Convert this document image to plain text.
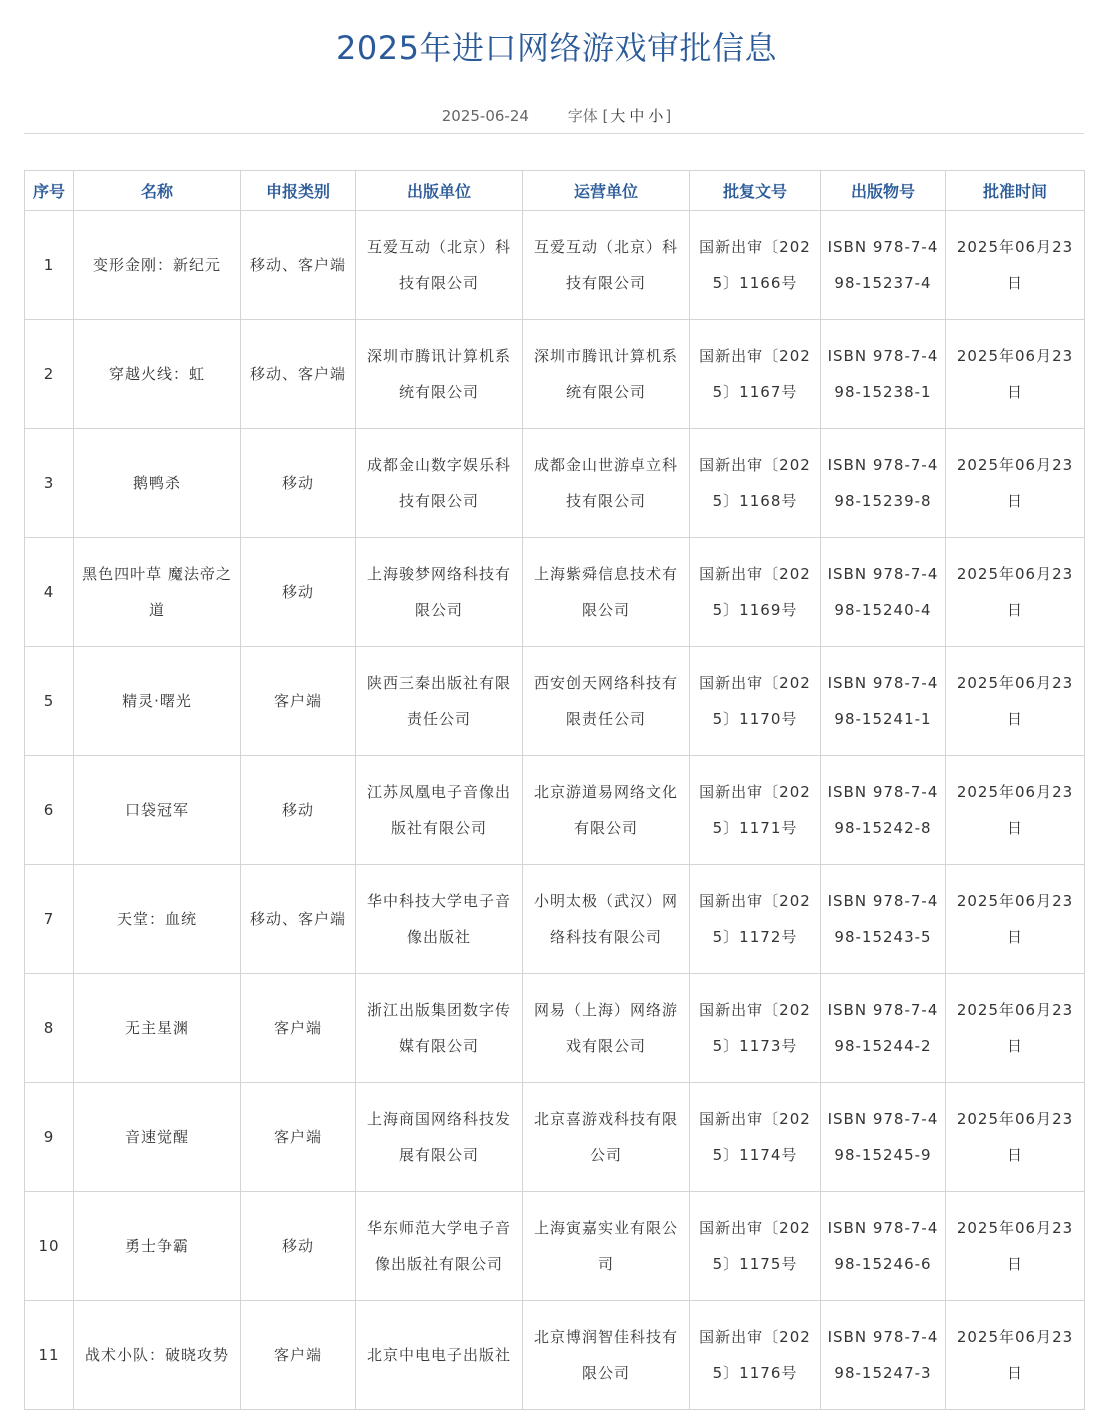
2025年进口网络游戏审批信息
2025-06-24	字体 [ 大 中 小 ]
序号	名称	申报类别	出版单位	运营单位	批复文号	出版物号	批准时间
1	变形金刚：新纪元	移动、客户端	互爱互动（北京）科技有限公司	互爱互动（北京）科技有限公司	国新出审〔2025〕1166号	ISBN 978-7-498-15237-4	2025年06月23日
2	穿越火线：虹	移动、客户端	深圳市腾讯计算机系统有限公司	深圳市腾讯计算机系统有限公司	国新出审〔2025〕1167号	ISBN 978-7-498-15238-1	2025年06月23日
3	鹅鸭杀	移动	成都金山数字娱乐科技有限公司	成都金山世游卓立科技有限公司	国新出审〔2025〕1168号	ISBN 978-7-498-15239-8	2025年06月23日
4	黑色四叶草 魔法帝之道	移动	上海骏梦网络科技有限公司	上海紫舜信息技术有限公司	国新出审〔2025〕1169号	ISBN 978-7-498-15240-4	2025年06月23日
5	精灵·曙光	客户端	陕西三秦出版社有限责任公司	西安创天网络科技有限责任公司	国新出审〔2025〕1170号	ISBN 978-7-498-15241-1	2025年06月23日
6	口袋冠军	移动	江苏凤凰电子音像出版社有限公司	北京游道易网络文化有限公司	国新出审〔2025〕1171号	ISBN 978-7-498-15242-8	2025年06月23日
7	天堂：血统	移动、客户端	华中科技大学电子音像出版社	小明太极（武汉）网络科技有限公司	国新出审〔2025〕1172号	ISBN 978-7-498-15243-5	2025年06月23日
8	无主星渊	客户端	浙江出版集团数字传媒有限公司	网易（上海）网络游戏有限公司	国新出审〔2025〕1173号	ISBN 978-7-498-15244-2	2025年06月23日
9	音速觉醒	客户端	上海商国网络科技发展有限公司	北京喜游戏科技有限公司	国新出审〔2025〕1174号	ISBN 978-7-498-15245-9	2025年06月23日
10	勇士争霸	移动	华东师范大学电子音像出版社有限公司	上海寅嘉实业有限公司	国新出审〔2025〕1175号	ISBN 978-7-498-15246-6	2025年06月23日
11	战术小队：破晓攻势	客户端	北京中电电子出版社	北京博润智佳科技有限公司	国新出审〔2025〕1176号	ISBN 978-7-498-15247-3	2025年06月23日
